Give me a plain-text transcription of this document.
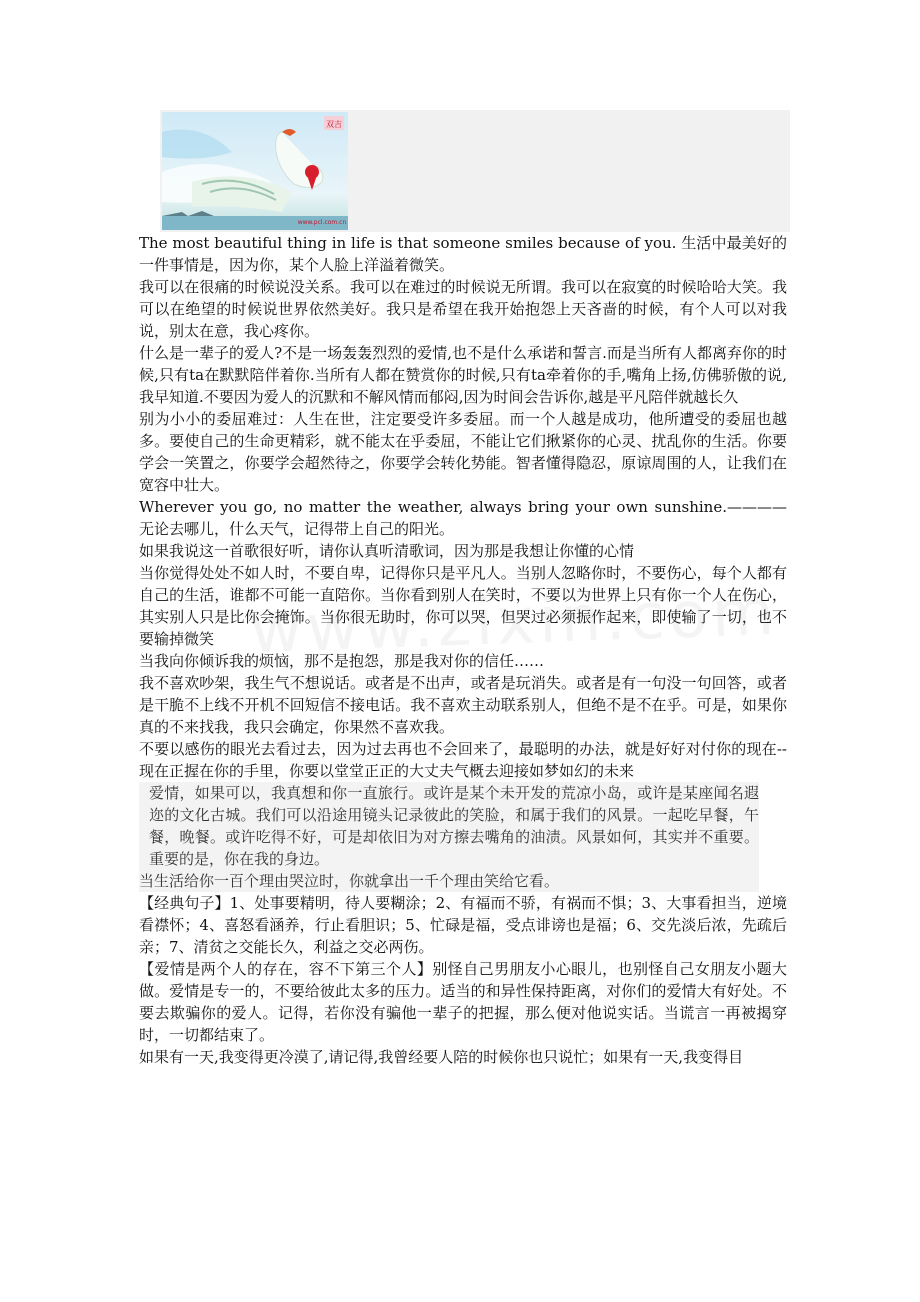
双吉
www.pcl.com.cn

The most beautiful thing in life is that someone smiles because of you. 生活中最美好的一件事情是，因为你，某个人脸上洋溢着微笑。

我可以在很痛的时候说没关系。我可以在难过的时候说无所谓。我可以在寂寞的时候哈哈大笑。我可以在绝望的时候说世界依然美好。我只是希望在我开始抱怨上天吝啬的时候，有个人可以对我说，别太在意，我心疼你。

什么是一辈子的爱人?不是一场轰轰烈烈的爱情,也不是什么承诺和誓言.而是当所有人都离弃你的时候,只有ta在默默陪伴着你.当所有人都在赞赏你的时候,只有ta牵着你的手,嘴角上扬,仿佛骄傲的说,我早知道.不要因为爱人的沉默和不解风情而郁闷,因为时间会告诉你,越是平凡陪伴就越长久

别为小小的委屈难过：人生在世，注定要受许多委屈。而一个人越是成功，他所遭受的委屈也越多。要使自己的生命更精彩，就不能太在乎委屈，不能让它们揪紧你的心灵、扰乱你的生活。你要学会一笑置之，你要学会超然待之，你要学会转化势能。智者懂得隐忍，原谅周围的人，让我们在宽容中壮大。

Wherever you go, no matter the weather, always bring your own sunshine.———— 无论去哪儿，什么天气，记得带上自己的阳光。

如果我说这一首歌很好听，请你认真听清歌词，因为那是我想让你懂的心情

当你觉得处处不如人时，不要自卑，记得你只是平凡人。当别人忽略你时，不要伤心，每个人都有自己的生活，谁都不可能一直陪你。当你看到别人在笑时，不要以为世界上只有你一个人在伤心，其实别人只是比你会掩饰。当你很无助时，你可以哭，但哭过必须振作起来，即使输了一切，也不要输掉微笑

当我向你倾诉我的烦恼，那不是抱怨，那是我对你的信任……

我不喜欢吵架，我生气不想说话。或者是不出声，或者是玩消失。或者是有一句没一句回答，或者是干脆不上线不开机不回短信不接电话。我不喜欢主动联系别人，但绝不是不在乎。可是，如果你真的不来找我，我只会确定，你果然不喜欢我。

不要以感伤的眼光去看过去，因为过去再也不会回来了，最聪明的办法，就是好好对付你的现在--现在正握在你的手里，你要以堂堂正正的大丈夫气概去迎接如梦如幻的未来

爱情，如果可以，我真想和你一直旅行。或许是某个未开发的荒凉小岛，或许是某座闻名遐迩的文化古城。我们可以沿途用镜头记录彼此的笑脸，和属于我们的风景。一起吃早餐，午餐，晚餐。或许吃得不好，可是却依旧为对方擦去嘴角的油渍。风景如何，其实并不重要。重要的是，你在我的身边。

当生活给你一百个理由哭泣时，你就拿出一千个理由笑给它看。

【经典句子】1、处事要精明，待人要糊涂；2、有福而不骄，有祸而不惧；3、大事看担当，逆境看襟怀；4、喜怒看涵养，行止看胆识；5、忙碌是福，受点诽谤也是福；6、交先淡后浓，先疏后亲；7、清贫之交能长久，利益之交必两伤。

【爱情是两个人的存在，容不下第三个人】别怪自己男朋友小心眼儿，也别怪自己女朋友小题大做。爱情是专一的，不要给彼此太多的压力。适当的和异性保持距离，对你们的爱情大有好处。不要去欺骗你的爱人。记得，若你没有骗他一辈子的把握，那么便对他说实话。当谎言一再被揭穿时，一切都结束了。

如果有一天,我变得更冷漠了,请记得,我曾经要人陪的时候你也只说忙；如果有一天,我变得目
